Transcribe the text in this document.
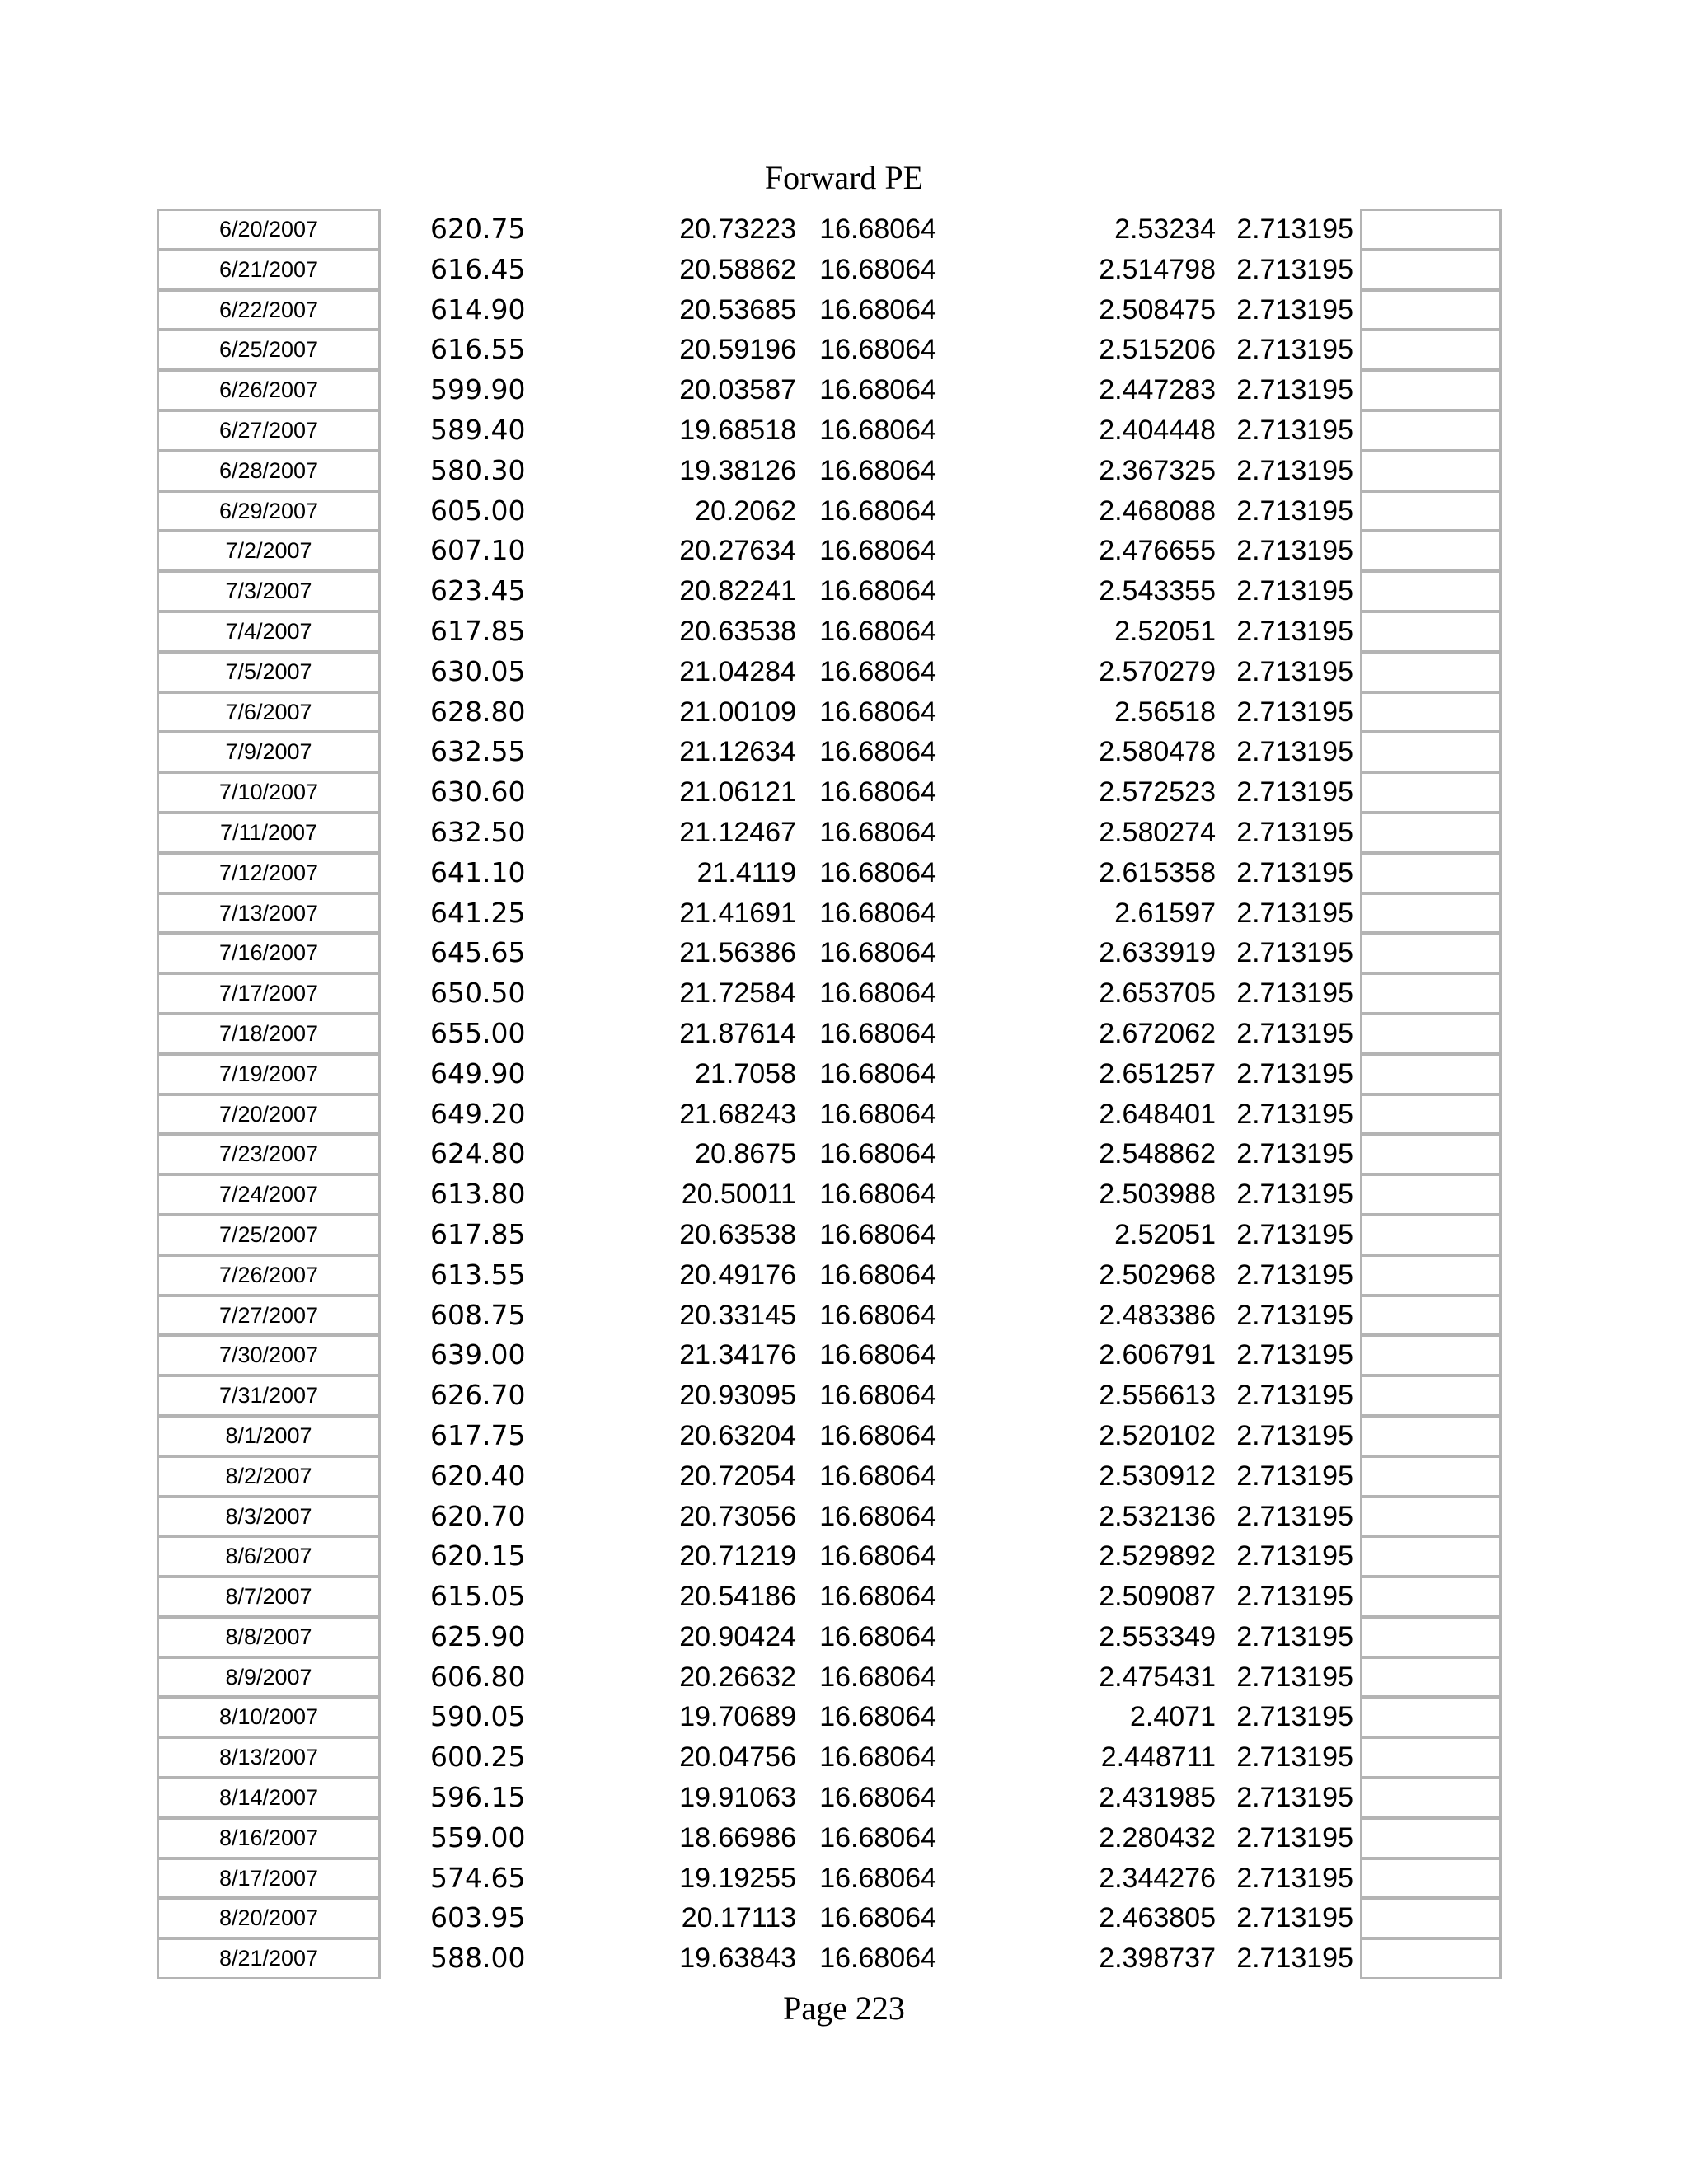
Forward PE
6/20/2007	620.75	20.73223 16.68064	2.53234 2.713195
6/21/2007	616.45	20.58862 16.68064	2.514798 2.713195
6/22/2007	614.90	20.53685 16.68064	2.508475 2.713195
6/25/2007	616.55	20.59196 16.68064	2.515206 2.713195
6/26/2007	599.90	20.03587 16.68064	2.447283 2.713195
6/27/2007	589.40	19.68518 16.68064	2.404448 2.713195
6/28/2007	580.30	19.38126 16.68064	2.367325 2.713195
6/29/2007	605.00	20.2062 16.68064	2.468088 2.713195
7/2/2007	607.10	20.27634 16.68064	2.476655 2.713195
7/3/2007	623.45	20.82241 16.68064	2.543355 2.713195
7/4/2007	617.85	20.63538 16.68064	2.52051 2.713195
7/5/2007	630.05	21.04284 16.68064	2.570279 2.713195
7/6/2007	628.80	21.00109 16.68064	2.56518 2.713195
7/9/2007	632.55	21.12634 16.68064	2.580478 2.713195
7/10/2007	630.60	21.06121 16.68064	2.572523 2.713195
7/11/2007	632.50	21.12467 16.68064	2.580274 2.713195
7/12/2007	641.10	21.4119 16.68064	2.615358 2.713195
7/13/2007	641.25	21.41691 16.68064	2.61597 2.713195
7/16/2007	645.65	21.56386 16.68064	2.633919 2.713195
7/17/2007	650.50	21.72584 16.68064	2.653705 2.713195
7/18/2007	655.00	21.87614 16.68064	2.672062 2.713195
7/19/2007	649.90	21.7058 16.68064	2.651257 2.713195
7/20/2007	649.20	21.68243 16.68064	2.648401 2.713195
7/23/2007	624.80	20.8675 16.68064	2.548862 2.713195
7/24/2007	613.80	20.50011 16.68064	2.503988 2.713195
7/25/2007	617.85	20.63538 16.68064	2.52051 2.713195
7/26/2007	613.55	20.49176 16.68064	2.502968 2.713195
7/27/2007	608.75	20.33145 16.68064	2.483386 2.713195
7/30/2007	639.00	21.34176 16.68064	2.606791 2.713195
7/31/2007	626.70	20.93095 16.68064	2.556613 2.713195
8/1/2007	617.75	20.63204 16.68064	2.520102 2.713195
8/2/2007	620.40	20.72054 16.68064	2.530912 2.713195
8/3/2007	620.70	20.73056 16.68064	2.532136 2.713195
8/6/2007	620.15	20.71219 16.68064	2.529892 2.713195
8/7/2007	615.05	20.54186 16.68064	2.509087 2.713195
8/8/2007	625.90	20.90424 16.68064	2.553349 2.713195
8/9/2007	606.80	20.26632 16.68064	2.475431 2.713195
8/10/2007	590.05	19.70689 16.68064	2.4071 2.713195
8/13/2007	600.25	20.04756 16.68064	2.448711 2.713195
8/14/2007	596.15	19.91063 16.68064	2.431985 2.713195
8/16/2007	559.00	18.66986 16.68064	2.280432 2.713195
8/17/2007	574.65	19.19255 16.68064	2.344276 2.713195
8/20/2007	603.95	20.17113 16.68064	2.463805 2.713195
8/21/2007	588.00	19.63843 16.68064	2.398737 2.713195
Page 223
